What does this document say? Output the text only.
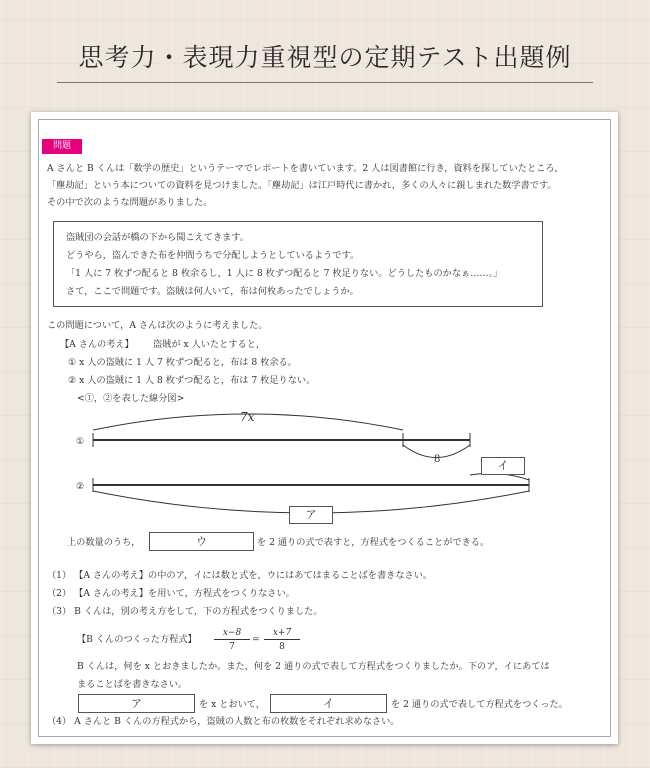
思考力・表現力重視型の定期テスト出題例
問題
A さんと B くんは「数学の歴史」というテーマでレポートを書いています。2 人は図書館に行き，資料を探していたところ，
「塵劫記」という本についての資料を見つけました。「塵劫記」は江戸時代に書かれ，多くの人々に親しまれた数学書です。
その中で次のような問題がありました。
盗賊団の会話が橋の下から聞こえてきます。
どうやら，盗んできた布を仲間うちで分配しようとしているようです。
「1 人に 7 枚ずつ配ると 8 枚余るし，1 人に 8 枚ずつ配ると 7 枚足りない。どうしたものかなぁ……。」
さて，ここで問題です。盗賊は何人いて，布は何枚あったでしょうか。
この問題について，A さんは次のように考えました。
【A さんの考え】 盗賊が x 人いたとすると，
① x 人の盗賊に 1 人 7 枚ずつ配ると，布は 8 枚余る。
② x 人の盗賊に 1 人 8 枚ずつ配ると，布は 7 枚足りない。
<①，②を表した線分図>
7x
8
①
②
イ
ア
上の数量のうち，	ウ	を 2 通りの式で表すと，方程式をつくることができる。
（1） 【A さんの考え】の中のア，イには数と式を，ウにはあてはまることばを書きなさい。
（2） 【A さんの考え】を用いて，方程式をつくりなさい。
（3） B くんは，別の考え方をして，下の方程式をつくりました。
【B くんのつくった方程式】 $\frac{x-8}{7} = \frac{x+7}{8}$
B くんは，何を x とおきましたか。また，何を 2 通りの式で表して方程式をつくりましたか。下のア，イにあては
まることばを書きなさい。
ア	を x とおいて，	イ	を 2 通りの式で表して方程式をつくった。
（4） A さんと B くんの方程式から，盗賊の人数と布の枚数をそれぞれ求めなさい。
